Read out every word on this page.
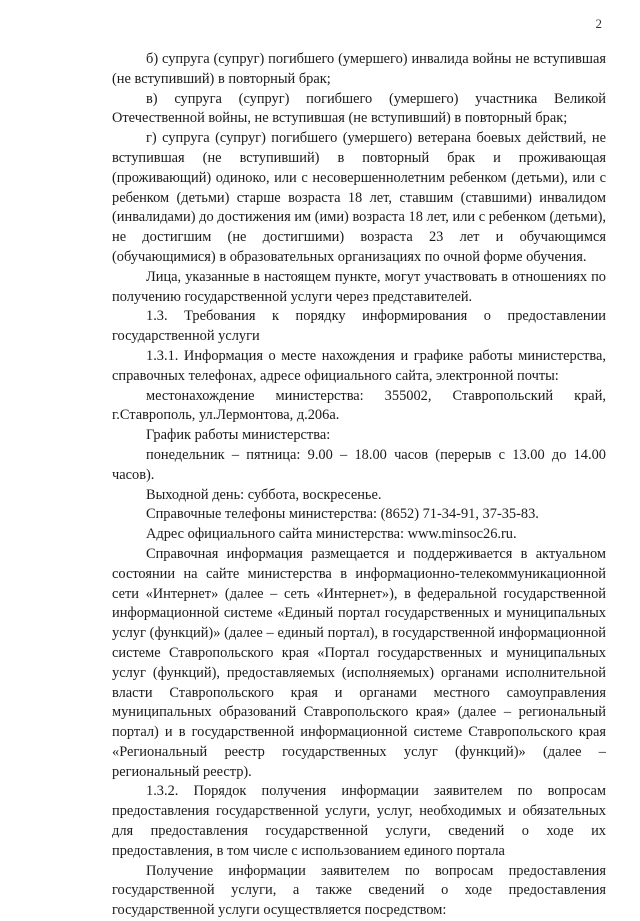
2

б) супруга (супруг) погибшего (умершего) инвалида войны не вступившая (не вступивший) в повторный брак;

в) супруга (супруг) погибшего (умершего) участника Великой Отечественной войны, не вступившая (не вступивший) в повторный брак;

г) супруга (супруг) погибшего (умершего) ветерана боевых действий, не вступившая (не вступивший) в повторный брак и проживающая (проживающий) одиноко, или с несовершеннолетним ребенком (детьми), или с ребенком (детьми) старше возраста 18 лет, ставшим (ставшими) инвалидом (инвалидами) до достижения им (ими) возраста 18 лет, или с ребенком (детьми), не достигшим (не достигшими) возраста 23 лет и обучающимся (обучающимися) в образовательных организациях по очной форме обучения.

Лица, указанные в настоящем пункте, могут участвовать в отношениях по получению государственной услуги через представителей.

1.3. Требования к порядку информирования о предоставлении государственной услуги

1.3.1. Информация о месте нахождения и графике работы министерства, справочных телефонах, адресе официального сайта, электронной почты:

местонахождение министерства: 355002, Ставропольский край, г.Ставрополь, ул.Лермонтова, д.206а.

График работы министерства:

понедельник – пятница: 9.00 – 18.00 часов (перерыв с 13.00 до 14.00 часов).

Выходной день: суббота, воскресенье.

Справочные телефоны министерства: (8652) 71-34-91, 37-35-83.

Адрес официального сайта министерства: www.minsoc26.ru.

Справочная информация размещается и поддерживается в актуальном состоянии на сайте министерства в информационно-телекоммуникационной сети «Интернет» (далее – сеть «Интернет»), в федеральной государственной информационной системе «Единый портал государственных и муниципальных услуг (функций)» (далее – единый портал), в государственной информационной системе Ставропольского края «Портал государственных и муниципальных услуг (функций), предоставляемых (исполняемых) органами исполнительной власти Ставропольского края и органами местного самоуправления муниципальных образований Ставропольского края» (далее – региональный портал) и в государственной информационной системе Ставропольского края «Региональный реестр государственных услуг (функций)» (далее – региональный реестр).

1.3.2. Порядок получения информации заявителем по вопросам предоставления государственной услуги, услуг, необходимых и обязательных для предоставления государственной услуги, сведений о ходе их предоставления, в том числе с использованием единого портала

Получение информации заявителем по вопросам предоставления государственной услуги, а также сведений о ходе предоставления государственной услуги осуществляется посредством:
